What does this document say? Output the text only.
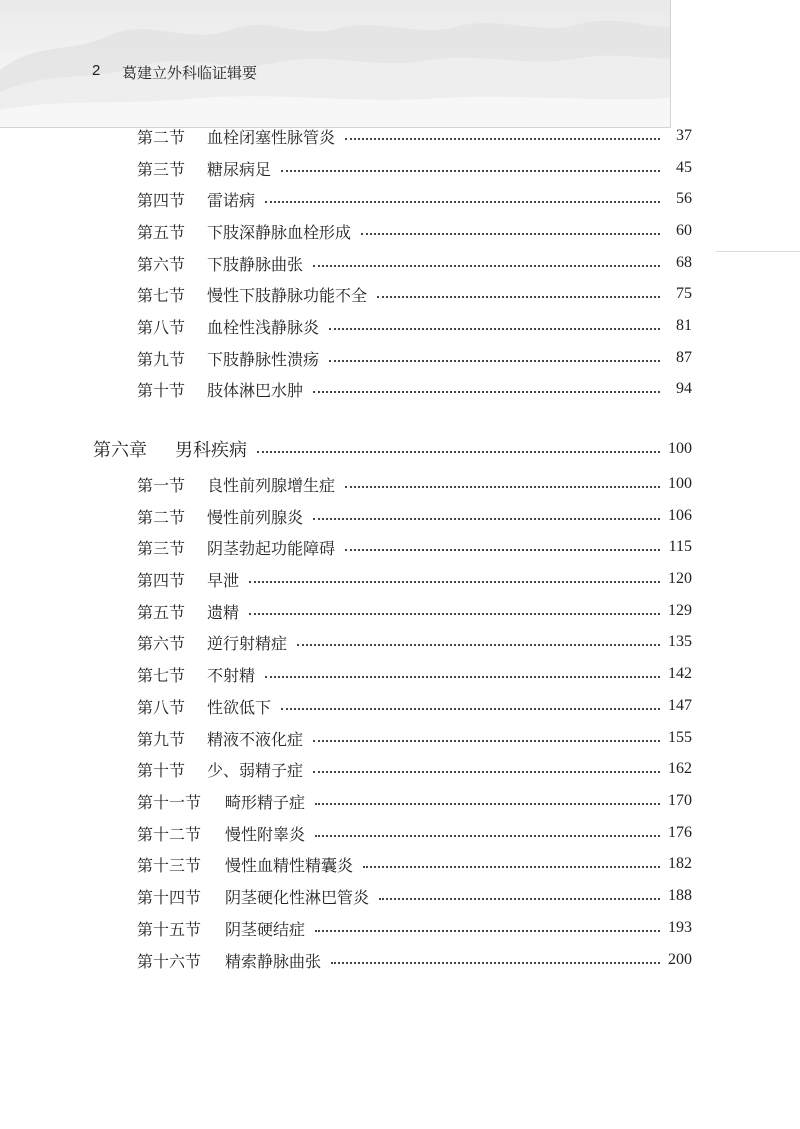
2 葛建立外科临证辑要
第二节	血栓闭塞性脉管炎	37
第三节	糖尿病足	45
第四节	雷诺病	56
第五节	下肢深静脉血栓形成	60
第六节	下肢静脉曲张	68
第七节	慢性下肢静脉功能不全	75
第八节	血栓性浅静脉炎	81
第九节	下肢静脉性溃疡	87
第十节	肢体淋巴水肿	94
第六章	男科疾病	100
第一节	良性前列腺增生症	100
第二节	慢性前列腺炎	106
第三节	阴茎勃起功能障碍	115
第四节	早泄	120
第五节	遗精	129
第六节	逆行射精症	135
第七节	不射精	142
第八节	性欲低下	147
第九节	精液不液化症	155
第十节	少、弱精子症	162
第十一节	畸形精子症	170
第十二节	慢性附睾炎	176
第十三节	慢性血精性精囊炎	182
第十四节	阴茎硬化性淋巴管炎	188
第十五节	阴茎硬结症	193
第十六节	精索静脉曲张	200
